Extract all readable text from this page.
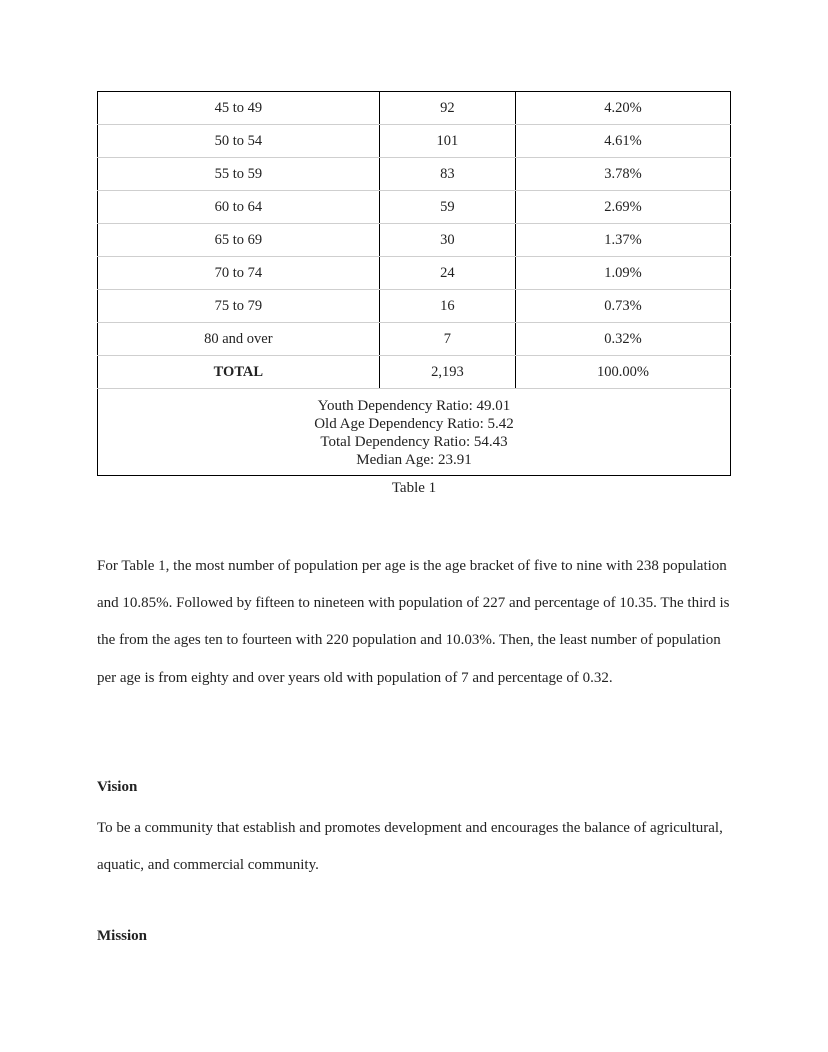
45 to 49	92	4.20%
50 to 54	101	4.61%
55 to 59	83	3.78%
60 to 64	59	2.69%
65 to 69	30	1.37%
70 to 74	24	1.09%
75 to 79	16	0.73%
80 and over	7	0.32%
TOTAL	2,193	100.00%

Youth Dependency Ratio: 49.01
Old Age Dependency Ratio: 5.42
Total Dependency Ratio: 54.43
Median Age: 23.91		
Table 1

For Table 1, the most number of population per age is the age bracket of five to nine with 238 population and 10.85%. Followed by fifteen to nineteen with population of 227 and percentage of 10.35. The third is the from the ages ten to fourteen with 220 population and 10.03%. Then, the least number of population per age is from eighty and over years old with population of 7 and percentage of 0.32.

Vision

To be a community that establish and promotes development and encourages the balance of agricultural, aquatic, and commercial community.

Mission
